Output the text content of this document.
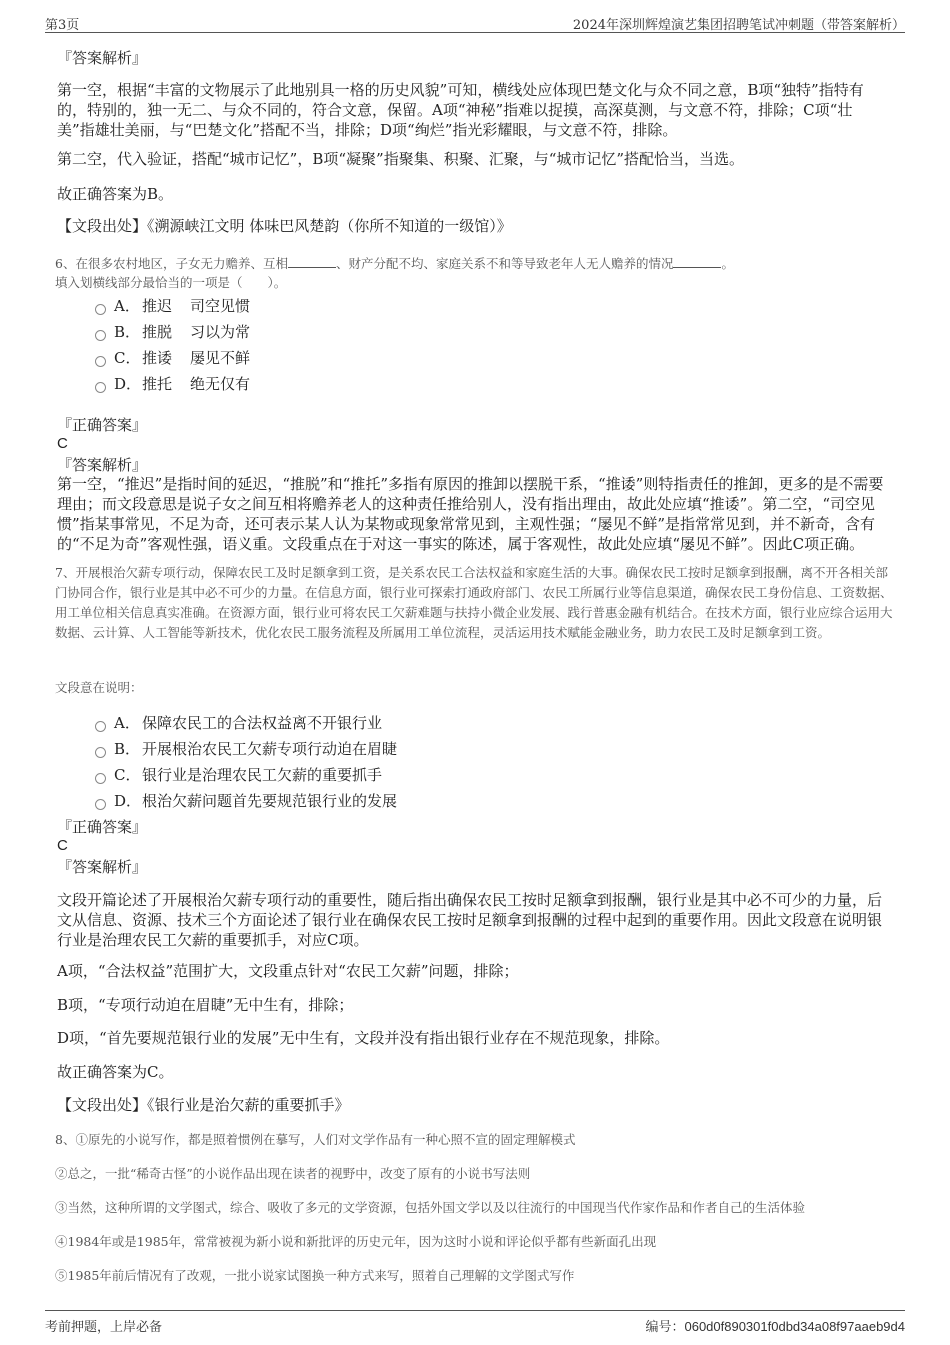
第3页	2024年深圳辉煌演艺集团招聘笔试冲刺题（带答案解析）
『答案解析』
第一空，根据“丰富的文物展示了此地别具一格的历史风貌”可知，横线处应体现巴楚文化与众不同之意，B项“独特”指特有的，特别的，独一无二、与众不同的，符合文意，保留。A项“神秘”指难以捉摸，高深莫测，与文意不符，排除；C项“壮美”指雄壮美丽，与“巴楚文化”搭配不当，排除；D项“绚烂”指光彩耀眼，与文意不符，排除。
第二空，代入验证，搭配“城市记忆”，B项“凝聚”指聚集、积聚、汇聚，与“城市记忆”搭配恰当，当选。
故正确答案为B。
【文段出处】《溯源峡江文明 体味巴风楚韵（你所不知道的一级馆）》
6、在很多农村地区，子女无力赡养、互相	、财产分配不均、家庭关系不和等导致老年人无人赡养的情况	。
填入划横线部分最恰当的一项是（　　）。
A． 推迟 司空见惯
B． 推脱 习以为常
C． 推诿 屡见不鲜
D．推托 绝无仅有
『正确答案』
C
『答案解析』
第一空，“推迟”是指时间的延迟，“推脱”和“推托”多指有原因的推卸以摆脱干系，“推诿”则特指责任的推卸，更多的是不需要理由；而文段意思是说子女之间互相将赡养老人的这种责任推给别人，没有指出理由，故此处应填“推诿”。第二空，“司空见惯”指某事常见，不足为奇，还可表示某人认为某物或现象常常见到，主观性强；“屡见不鲜”是指常常见到，并不新奇，含有的“不足为奇”客观性强，语义重。文段重点在于对这一事实的陈述，属于客观性，故此处应填“屡见不鲜”。因此C项正确。
7、开展根治欠薪专项行动，保障农民工及时足额拿到工资，是关系农民工合法权益和家庭生活的大事。确保农民工按时足额拿到报酬，离不开各相关部门协同合作，银行业是其中必不可少的力量。在信息方面，银行业可探索打通政府部门、农民工所属行业等信息渠道，确保农民工身份信息、工资数据、用工单位相关信息真实准确。在资源方面，银行业可将农民工欠薪难题与扶持小微企业发展、践行普惠金融有机结合。在技术方面，银行业应综合运用大数据、云计算、人工智能等新技术，优化农民工服务流程及所属用工单位流程，灵活运用技术赋能金融业务，助力农民工及时足额拿到工资。
文段意在说明：
A． 保障农民工的合法权益离不开银行业
B． 开展根治农民工欠薪专项行动迫在眉睫
C． 银行业是治理农民工欠薪的重要抓手
D．根治欠薪问题首先要规范银行业的发展
『正确答案』
C
『答案解析』
文段开篇论述了开展根治欠薪专项行动的重要性，随后指出确保农民工按时足额拿到报酬，银行业是其中必不可少的力量，后文从信息、资源、技术三个方面论述了银行业在确保农民工按时足额拿到报酬的过程中起到的重要作用。因此文段意在说明银行业是治理农民工欠薪的重要抓手，对应C项。
A项，“合法权益”范围扩大，文段重点针对“农民工欠薪”问题，排除；
B项，“专项行动迫在眉睫”无中生有，排除；
D项，“首先要规范银行业的发展”无中生有，文段并没有指出银行业存在不规范现象，排除。
故正确答案为C。
【文段出处】《银行业是治欠薪的重要抓手》
8、①原先的小说写作，都是照着惯例在摹写，人们对文学作品有一种心照不宣的固定理解模式
②总之，一批“稀奇古怪”的小说作品出现在读者的视野中，改变了原有的小说书写法则
③当然，这种所谓的文学图式，综合、吸收了多元的文学资源，包括外国文学以及以往流行的中国现当代作家作品和作者自己的生活体验
④1984年或是1985年，常常被视为新小说和新批评的历史元年，因为这时小说和评论似乎都有些新面孔出现
⑤1985年前后情况有了改观，一批小说家试图换一种方式来写，照着自己理解的文学图式写作
考前押题，上岸必备	编号：060d0f890301f0dbd34a08f97aaeb9d4
